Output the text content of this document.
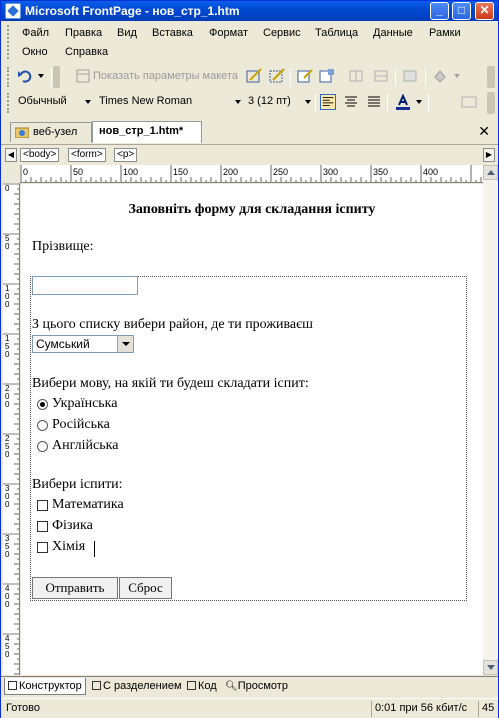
Microsoft FrontPage - нов_стр_1.htm	_	□	✕
Файл Правка Вид Вставка Формат Сервис Таблица Данные Рамки
Окно Справка
Показать параметры макета
Обычный	Times New Roman	3 (12 пт)
веб-узел	нов_стр_1.htm*	✕
◀ <body>	<form>	<p>	▶
0	50	100	150	200	250	300	350	400
0
5
0
1
0
0
1
5
0
2
0
0
2
5
0
3
0
0
3
5
0
4
0
0
4
5
0
Заповніть форму для складання іспиту
Прізвище:
З цього списку вибери район, де ти проживаєш
Сумський
Вибери мову, на якій ти будеш складати іспит:
Українська
Російська
Англійська
Вибери іспити:
Математика
Фізика
Хімія
Отправить	Сброс
Конструктор	С разделением	Код 🔍︎Просмотр
Готово	0:01 при 56 кбит/с	45
